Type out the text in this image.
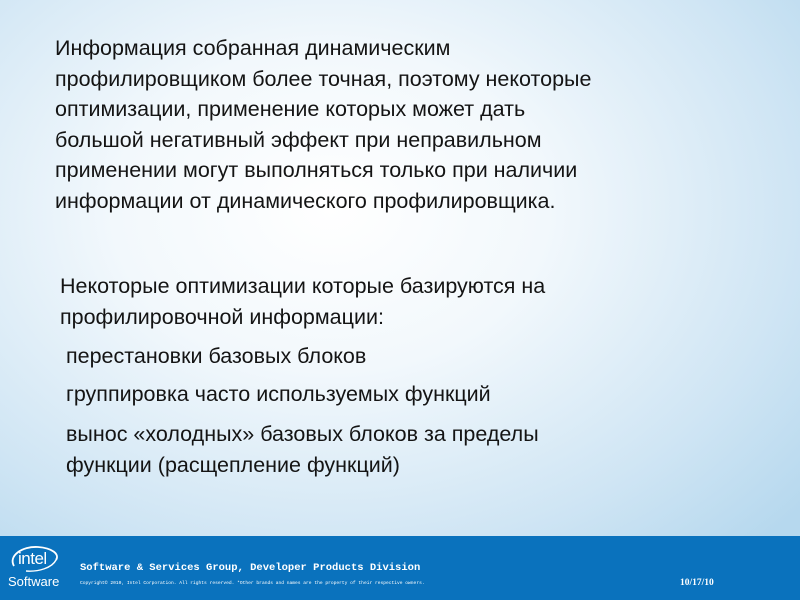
Информация собранная динамическим
профилировщиком более точная, поэтому некоторые
оптимизации, применение которых может дать
большой негативный эффект при неправильном
применении могут выполняться только при наличии
информации от динамического профилировщика.

Некоторые оптимизации которые базируются на
профилировочной информации:

перестановки базовых блоков

группировка часто используемых функций

вынос «холодных» базовых блоков за пределы
функции (расщепление функций)

intel
Software
Software & Services Group, Developer Products Division
Copyright© 2010, Intel Corporation. All rights reserved. *Other brands and names are the property of their respective owners.	10/17/10
